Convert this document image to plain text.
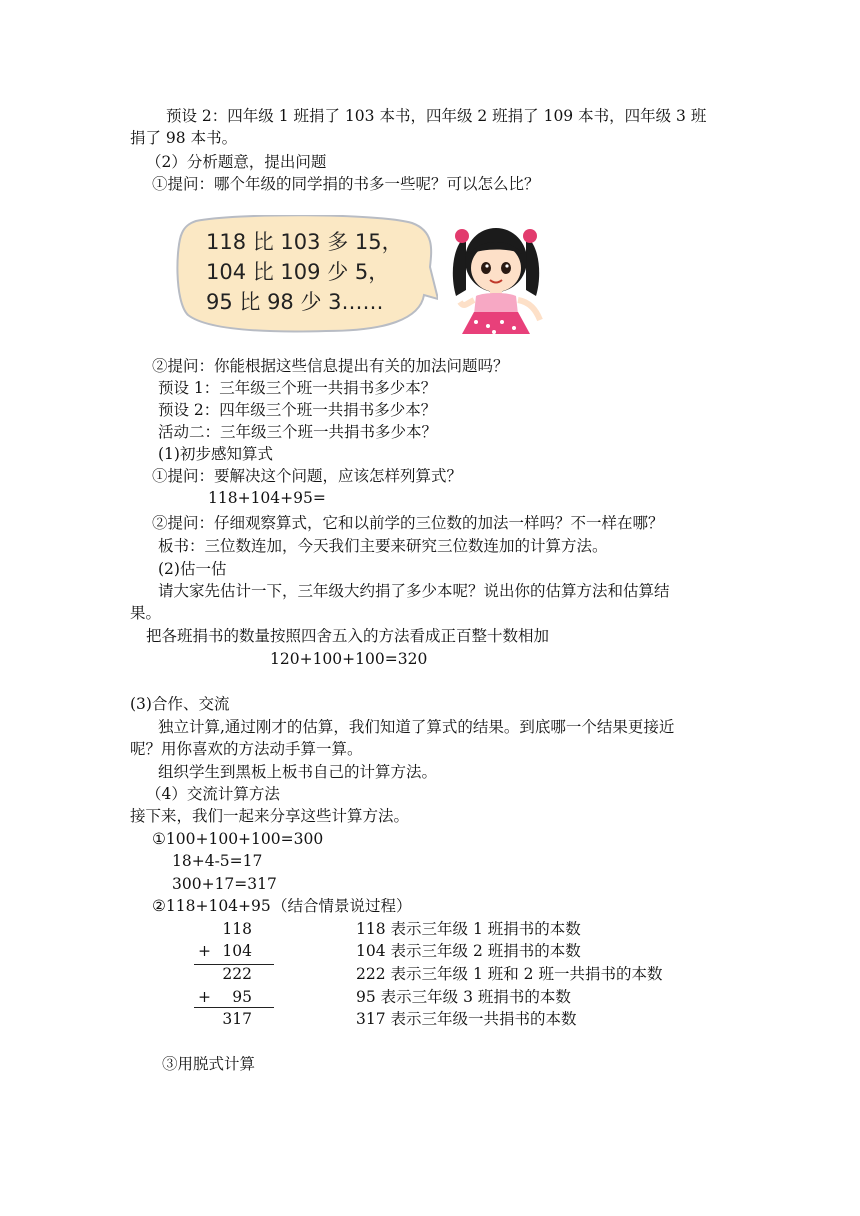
预设 2：四年级 1 班捐了 103 本书，四年级 2 班捐了 109 本书，四年级 3 班
捐了 98 本书。
（2）分析题意，提出问题
①提问：哪个年级的同学捐的书多一些呢？可以怎么比？
118 比 103 多 15，
104 比 109 少 5，
95 比 98 少 3……
②提问：你能根据这些信息提出有关的加法问题吗？
预设 1：三年级三个班一共捐书多少本？
预设 2：四年级三个班一共捐书多少本？
活动二：三年级三个班一共捐书多少本？
(1)初步感知算式
①提问：要解决这个问题，应该怎样列算式？
118+104+95=
②提问：仔细观察算式，它和以前学的三位数的加法一样吗？不一样在哪？
板书：三位数连加，今天我们主要来研究三位数连加的计算方法。
(2)估一估
请大家先估计一下，三年级大约捐了多少本呢？说出你的估算方法和估算结
果。
把各班捐书的数量按照四舍五入的方法看成正百整十数相加
120+100+100=320
(3)合作、交流
独立计算,通过刚才的估算，我们知道了算式的结果。到底哪一个结果更接近
呢？用你喜欢的方法动手算一算。
组织学生到黑板上板书自己的计算方法。
（4）交流计算方法
接下来，我们一起来分享这些计算方法。
①100+100+100=300
18+4-5=17
300+17=317
②118+104+95 （结合情景说过程）
118
+ 104
222
+	95
317
118 表示三年级 1 班捐书的本数
104 表示三年级 2 班捐书的本数
222 表示三年级 1 班和 2 班一共捐书的本数
95 表示三年级 3 班捐书的本数
317 表示三年级一共捐书的本数
③用脱式计算
